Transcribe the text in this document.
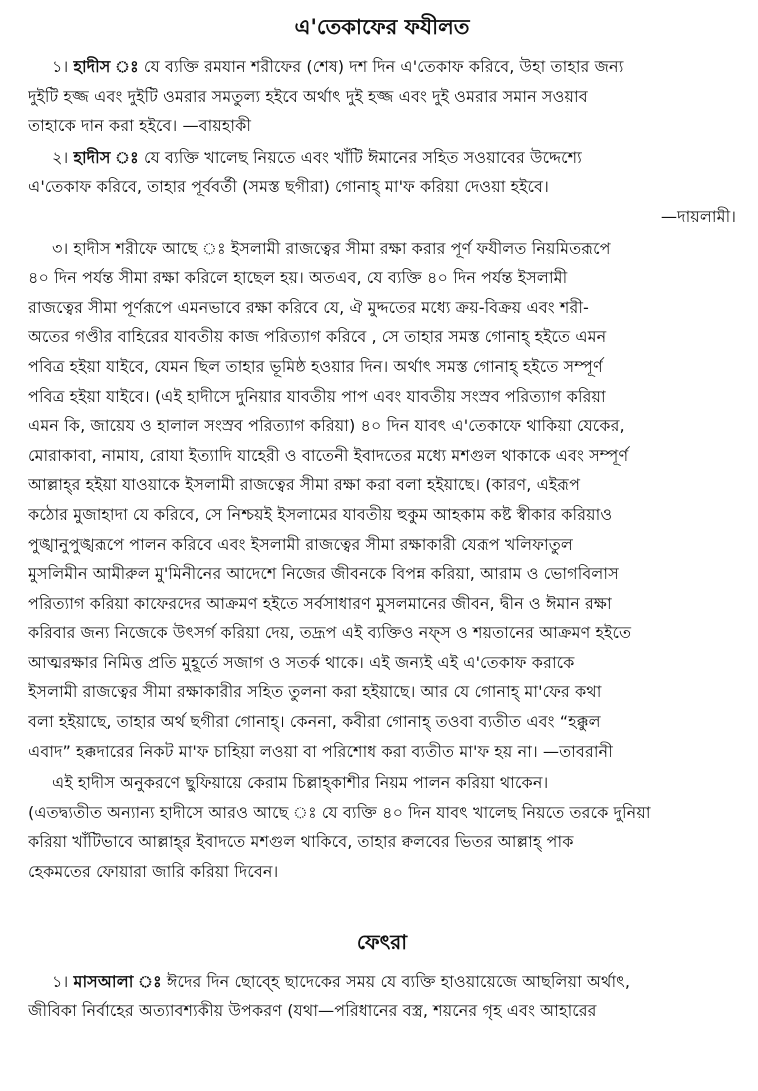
এ'তেকাফের ফযীলত
১। হাদীস ঃ যে ব্যক্তি রমযান শরীফের (শেষ) দশ দিন এ'তেকাফ করিবে, উহা তাহার জন্য
দুইটি হজ্জ এবং দুইটি ওমরার সমতুল্য হইবে অর্থাৎ দুই হজ্জ এবং দুই ওমরার সমান সওয়াব
তাহাকে দান করা হইবে। —বায়হাকী
২। হাদীস ঃ যে ব্যক্তি খালেছ নিয়তে এবং খাঁটি ঈমানের সহিত সওয়াবের উদ্দেশ্যে
এ'তেকাফ করিবে, তাহার পূর্ববর্তী (সমস্ত ছগীরা) গোনাহ্ মা'ফ করিয়া দেওয়া হইবে।
—দায়লামী।
৩। হাদীস শরীফে আছে ঃ ইসলামী রাজত্বের সীমা রক্ষা করার পূর্ণ ফযীলত নিয়মিতরূপে
৪০ দিন পর্যন্ত সীমা রক্ষা করিলে হাছেল হয়। অতএব, যে ব্যক্তি ৪০ দিন পর্যন্ত ইসলামী
রাজত্বের সীমা পূর্ণরূপে এমনভাবে রক্ষা করিবে যে, ঐ মুদ্দতের মধ্যে ক্রয়-বিক্রয় এবং শরী-
অতের গণ্ডীর বাহিরের যাবতীয় কাজ পরিত্যাগ করিবে , সে তাহার সমস্ত গোনাহ্ হইতে এমন
পবিত্র হইয়া যাইবে, যেমন ছিল তাহার ভূমিষ্ঠ হওয়ার দিন। অর্থাৎ সমস্ত গোনাহ্ হইতে সম্পূর্ণ
পবিত্র হইয়া যাইবে। (এই হাদীসে দুনিয়ার যাবতীয় পাপ এবং যাবতীয় সংস্রব পরিত্যাগ করিয়া
এমন কি, জায়েয ও হালাল সংস্রব পরিত্যাগ করিয়া) ৪০ দিন যাবৎ এ'তেকাফে থাকিয়া যেকের,
মোরাকাবা, নামায, রোযা ইত্যাদি যাহেরী ও বাতেনী ইবাদতের মধ্যে মশগুল থাকাকে এবং সম্পূর্ণ
আল্লাহ্‌র হইয়া যাওয়াকে ইসলামী রাজত্বের সীমা রক্ষা করা বলা হইয়াছে। (কারণ, এইরূপ
কঠোর মুজাহাদা যে করিবে, সে নিশ্চয়ই ইসলামের যাবতীয় হুকুম আহকাম কষ্ট স্বীকার করিয়াও
পুঙ্খানুপুঙ্খরূপে পালন করিবে এবং ইসলামী রাজত্বের সীমা রক্ষাকারী যেরূপ খলিফাতুল
মুসলিমীন আমীরুল মু'মিনীনের আদেশে নিজের জীবনকে বিপন্ন করিয়া, আরাম ও ভোগবিলাস
পরিত্যাগ করিয়া কাফেরদের আক্রমণ হইতে সর্বসাধারণ মুসলমানের জীবন, দ্বীন ও ঈমান রক্ষা
করিবার জন্য নিজেকে উৎসর্গ করিয়া দেয়, তদ্রূপ এই ব্যক্তিও নফ্‌স ও শয়তানের আক্রমণ হইতে
আত্মরক্ষার নিমিত্ত প্রতি মুহূর্তে সজাগ ও সতর্ক থাকে। এই জন্যই এই এ'তেকাফ করাকে
ইসলামী রাজত্বের সীমা রক্ষাকারীর সহিত তুলনা করা হইয়াছে। আর যে গোনাহ্ মা'ফের কথা
বলা হইয়াছে, তাহার অর্থ ছগীরা গোনাহ্। কেননা, কবীরা গোনাহ্ তওবা ব্যতীত এবং “হক্কুল
এবাদ” হক্কদারের নিকট মা'ফ চাহিয়া লওয়া বা পরিশোধ করা ব্যতীত মা'ফ হয় না। —তাবরানী
এই হাদীস অনুকরণে ছুফিয়ায়ে কেরাম চিল্লাহ্‌কাশীর নিয়ম পালন করিয়া থাকেন।
(এতদ্ব্যতীত অন্যান্য হাদীসে আরও আছে ঃ যে ব্যক্তি ৪০ দিন যাবৎ খালেছ নিয়তে তরকে দুনিয়া
করিয়া খাঁটিভাবে আল্লাহ্‌র ইবাদতে মশগুল থাকিবে, তাহার ক্বলবের ভিতর আল্লাহ্ পাক
হেকমতের ফোয়ারা জারি করিয়া দিবেন।
ফেৎরা
১। মাসআলা ঃ ঈদের দিন ছোব্হে ছাদেকের সময় যে ব্যক্তি হাওয়ায়েজে আছলিয়া অর্থাৎ,
জীবিকা নির্বাহের অত্যাবশ্যকীয় উপকরণ (যথা—পরিধানের বস্ত্র, শয়নের গৃহ এবং আহারের
